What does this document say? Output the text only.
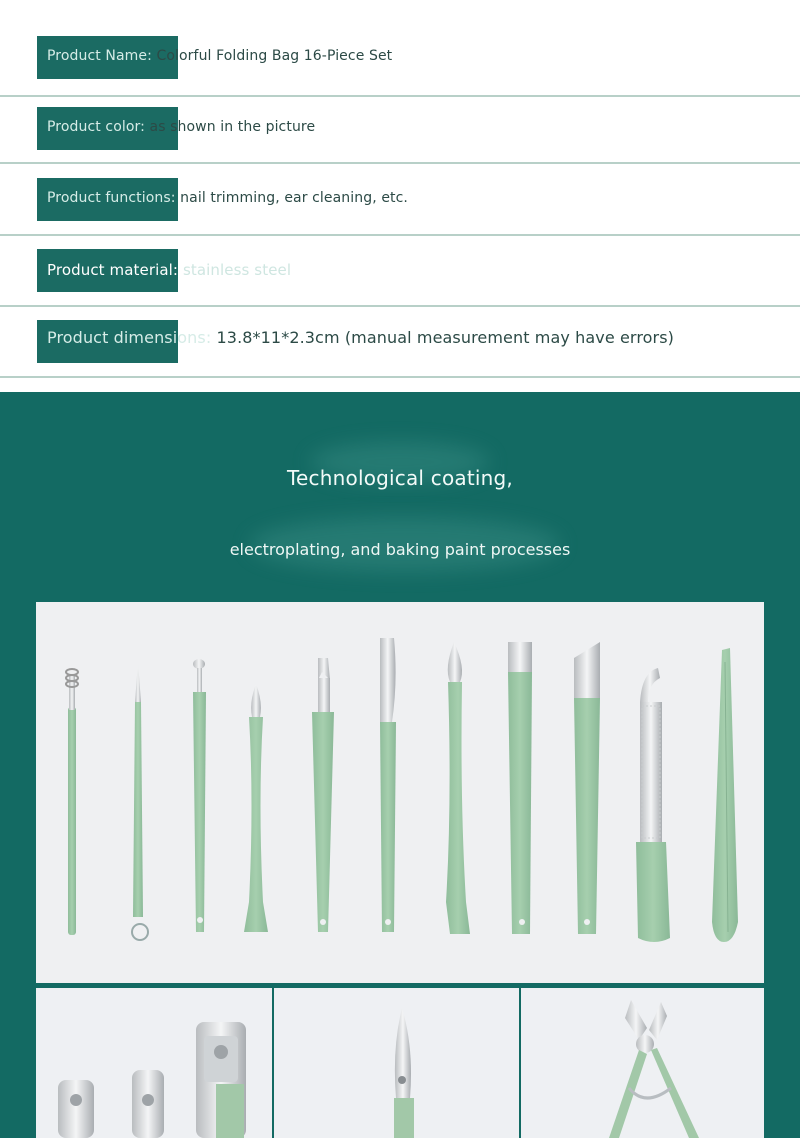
Product Name: Colorful Folding Bag 16-Piece Set
Product color: as shown in the picture
Product functions: nail trimming, ear cleaning, etc.
Product material: stainless steel
Product dimensions: 13.8*11*2.3cm (manual measurement may have errors)
Technological coating,
electroplating, and baking paint processes
